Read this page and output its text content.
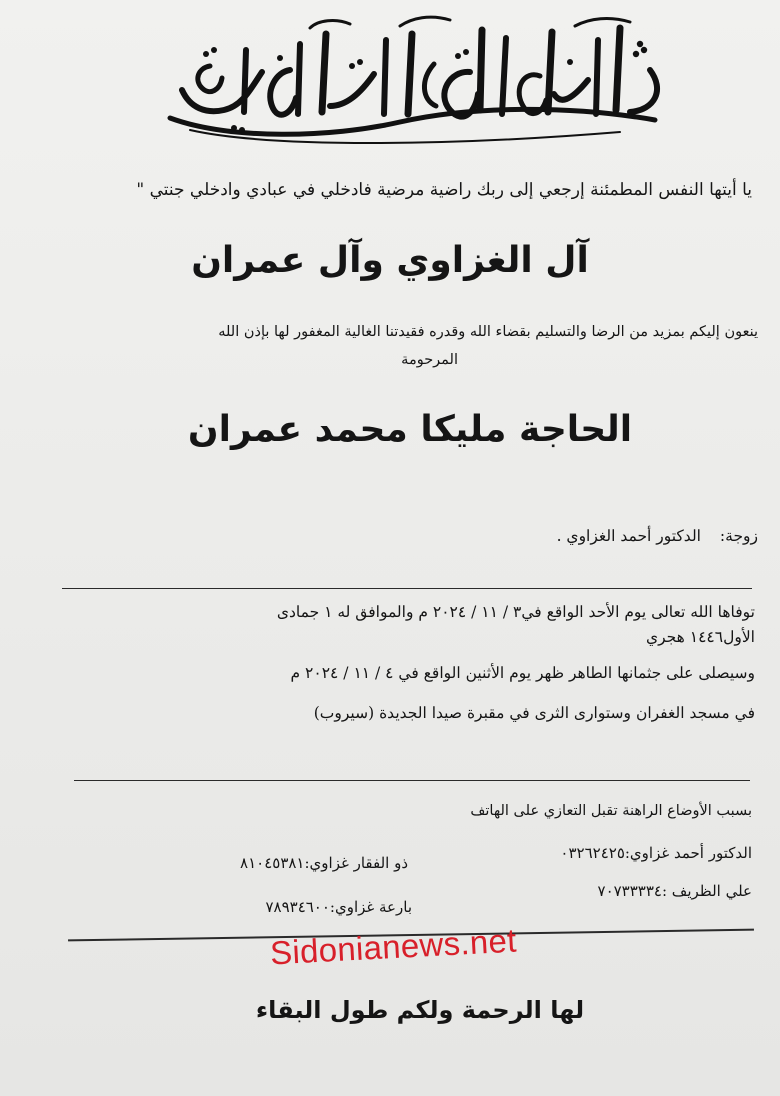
يا أيتها النفس المطمئنة إرجعي إلى ربك راضية مرضية فادخلي في عبادي وادخلي جنتي "
آل الغزاوي وآل عمران
ينعون إليكم بمزيد من الرضا والتسليم بقضاء الله وقدره فقيدتنا الغالية المغفور لها بإذن الله
المرحومة
الحاجة مليكا محمد عمران
زوجة: الدكتور أحمد الغزاوي .

توفاها الله تعالى يوم الأحد الواقع في٣ / ١١ / ٢٠٢٤ م والموافق له ١ جمادى

الأول١٤٤٦ هجري

وسيصلى على جثمانها الطاهر ظهر يوم الأثنين الواقع في ٤ / ١١ / ٢٠٢٤ م

في مسجد الغفران وستوارى الثرى في مقبرة صيدا الجديدة (سيروب)

بسبب الأوضاع الراهنة تقبل التعازي على الهاتف
الدكتور أحمد غزاوي:٠٣٢٦٢٤٢٥
ذو الفقار غزاوي:٨١٠٤٥٣٨١
علي الظريف :٧٠٧٣٣٣٣٤
بارعة غزاوي:٧٨٩٣٤٦٠٠
Sidonianews.net
لها الرحمة ولكم طول البقاء
